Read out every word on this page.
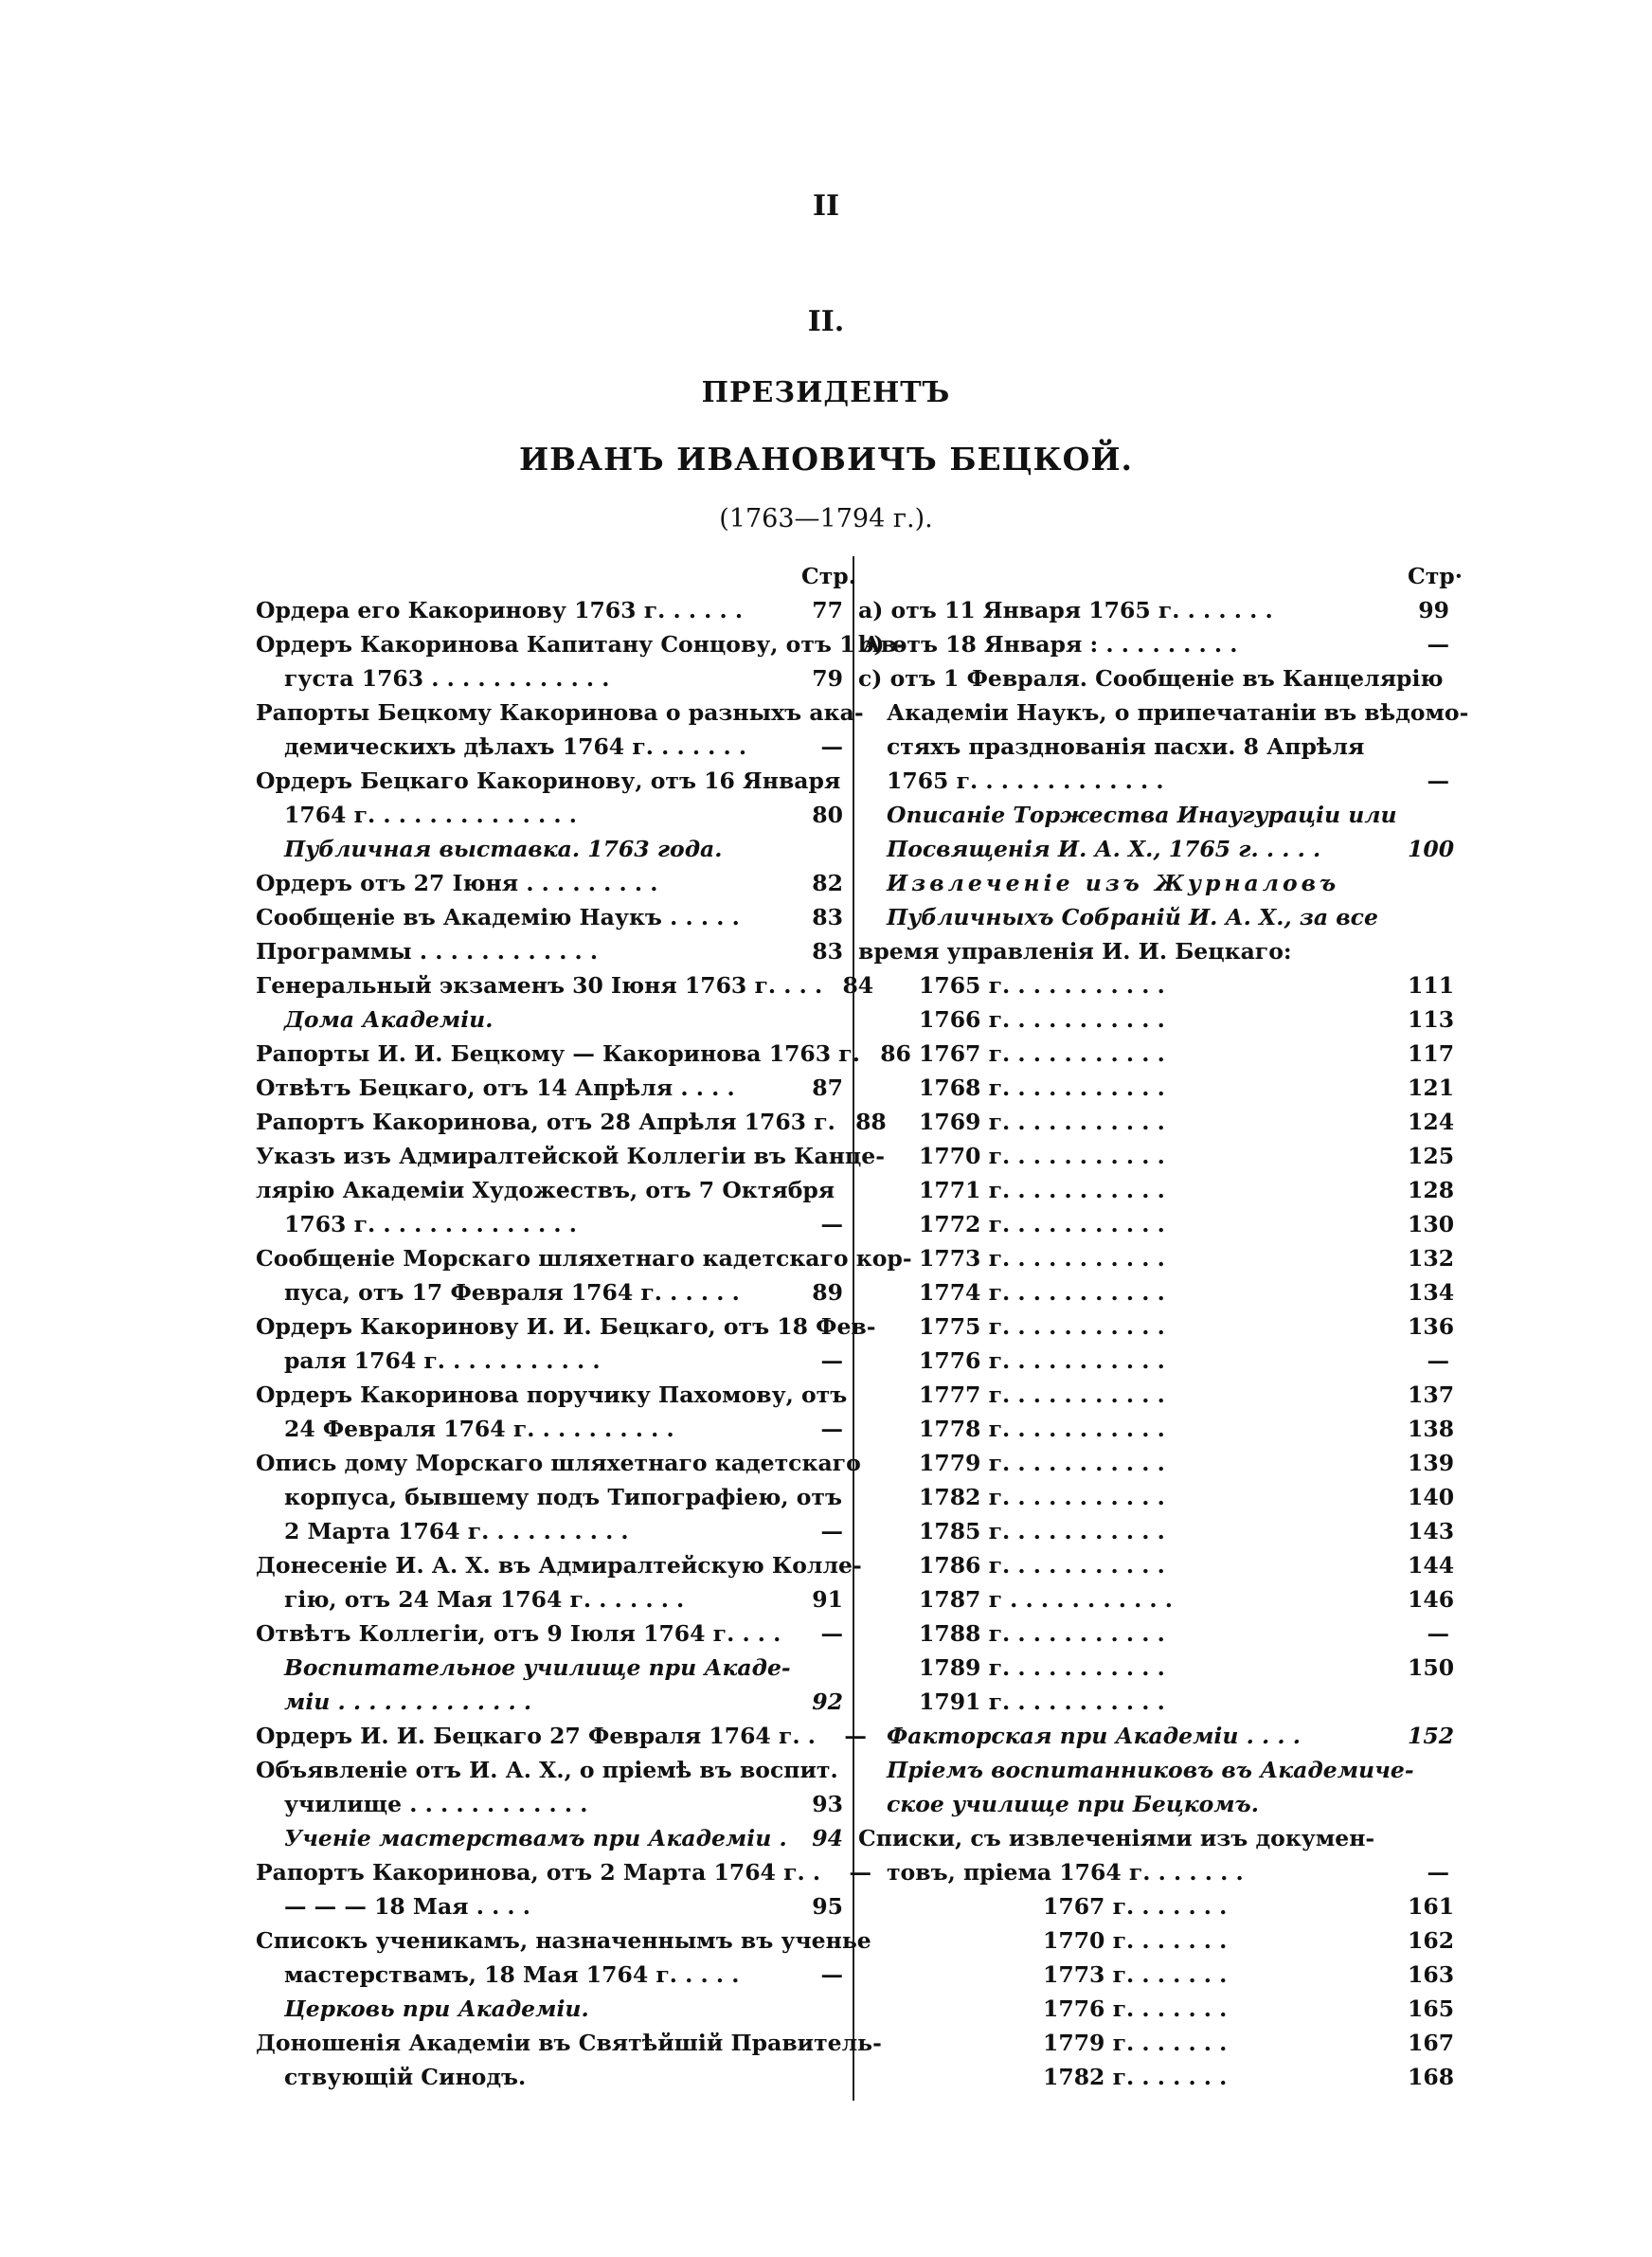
II
II.
ПРЕЗИДЕНТЪ
ИВАНЪ ИВАНОВИЧЪ БЕЦКОЙ.
(1763—1794 г.).
Стр.
Ордера его Какоринову 1763 г. . . . . .	77
Ордеръ Какоринова Капитану Сонцову, отъ 1 Ав-
густа 1763 . . . . . . . . . . . .	79
Рапорты Бецкому Какоринова о разныхъ ака-
демическихъ дѣлахъ 1764 г. . . . . . .	—
Ордеръ Бецкаго Какоринову, отъ 16 Января
1764 г. . . . . . . . . . . . . .	80
Публичная выставка. 1763 года.
Ордеръ отъ 27 Іюня . . . . . . . . .	82
Сообщеніе въ Академію Наукъ . . . . .	83
Программы . . . . . . . . . . . .	83
Генеральный экзаменъ 30 Іюня 1763 г. . . . 84
Дома Академіи.
Рапорты И. И. Бецкому — Какоринова 1763 г. 86
Отвѣтъ Бецкаго, отъ 14 Апрѣля . . . .	87
Рапортъ Какоринова, отъ 28 Апрѣля 1763 г. 88
Указъ изъ Адмиралтейской Коллегіи въ Канце-
лярію Академіи Художествъ, отъ 7 Октября
1763 г. . . . . . . . . . . . . .	—
Сообщеніе Морскаго шляхетнаго кадетскаго кор-
пуса, отъ 17 Февраля 1764 г. . . . . .	89
Ордеръ Какоринову И. И. Бецкаго, отъ 18 Фев-
раля 1764 г. . . . . . . . . . .	—
Ордеръ Какоринова поручику Пахомову, отъ
24 Февраля 1764 г. . . . . . . . . .	—
Опись дому Морскаго шляхетнаго кадетскаго
корпуса, бывшему подъ Типографіею, отъ
2 Марта 1764 г. . . . . . . . . .	—
Донесеніе И. А. Х. въ Адмиралтейскую Колле-
гію, отъ 24 Мая 1764 г. . . . . . .	91
Отвѣтъ Коллегіи, отъ 9 Іюля 1764 г. . . .	—
Воспитательное училище при Акаде-
міи . . . . . . . . . . . . .	92
Ордеръ И. И. Бецкаго 27 Февраля 1764 г. .	—
Объявленіе отъ И. А. Х., о пріемѣ въ воспит.
училище . . . . . . . . . . . .	93
Ученіе мастерствамъ при Академіи .	94
Рапортъ Какоринова, отъ 2 Марта 1764 г. .	—
— — — 18 Мая . . . .	95
Списокъ ученикамъ, назначеннымъ въ ученье
мастерствамъ, 18 Мая 1764 г. . . . .	—
Церковь при Академіи.
Доношенія Академіи въ Святѣйшій Правитель-
ствующій Синодъ.
Стр·
а) отъ 11 Января 1765 г. . . . . . .	99
b) отъ 18 Января : . . . . . . . . .	—
c) отъ 1 Февраля. Сообщеніе въ Канцелярію
Академіи Наукъ, о припечатаніи въ вѣдомо-
стяхъ празднованія пасхи. 8 Апрѣля
1765 г. . . . . . . . . . . . .	—
Описаніе Торжества Инаугураціи или
Посвященія И. А. Х., 1765 г. . . . .	100
Извлеченіе изъ Журналовъ
Публичныхъ Собраній И. А. Х., за все
время управленія И. И. Бецкаго:
1765 г. . . . . . . . . . .	111
1766 г. . . . . . . . . . .	113
1767 г. . . . . . . . . . .	117
1768 г. . . . . . . . . . .	121
1769 г. . . . . . . . . . .	124
1770 г. . . . . . . . . . .	125
1771 г. . . . . . . . . . .	128
1772 г. . . . . . . . . . .	130
1773 г. . . . . . . . . . .	132
1774 г. . . . . . . . . . .	134
1775 г. . . . . . . . . . .	136
1776 г. . . . . . . . . . .	—
1777 г. . . . . . . . . . .	137
1778 г. . . . . . . . . . .	138
1779 г. . . . . . . . . . .	139
1782 г. . . . . . . . . . .	140
1785 г. . . . . . . . . . .	143
1786 г. . . . . . . . . . .	144
1787 г . . . . . . . . . . .	146
1788 г. . . . . . . . . . .	—
1789 г. . . . . . . . . . .	150
1791 г. . . . . . . . . . .
Факторская при Академіи . . . .	152
Пріемъ воспитанниковъ въ Академиче-
ское училище при Бецкомъ.
Списки, съ извлеченіями изъ докумен-
товъ, пріема 1764 г. . . . . . .	—
1767 г. . . . . . .	161
1770 г. . . . . . .	162
1773 г. . . . . . .	163
1776 г. . . . . . .	165
1779 г. . . . . . .	167
1782 г. . . . . . .	168
